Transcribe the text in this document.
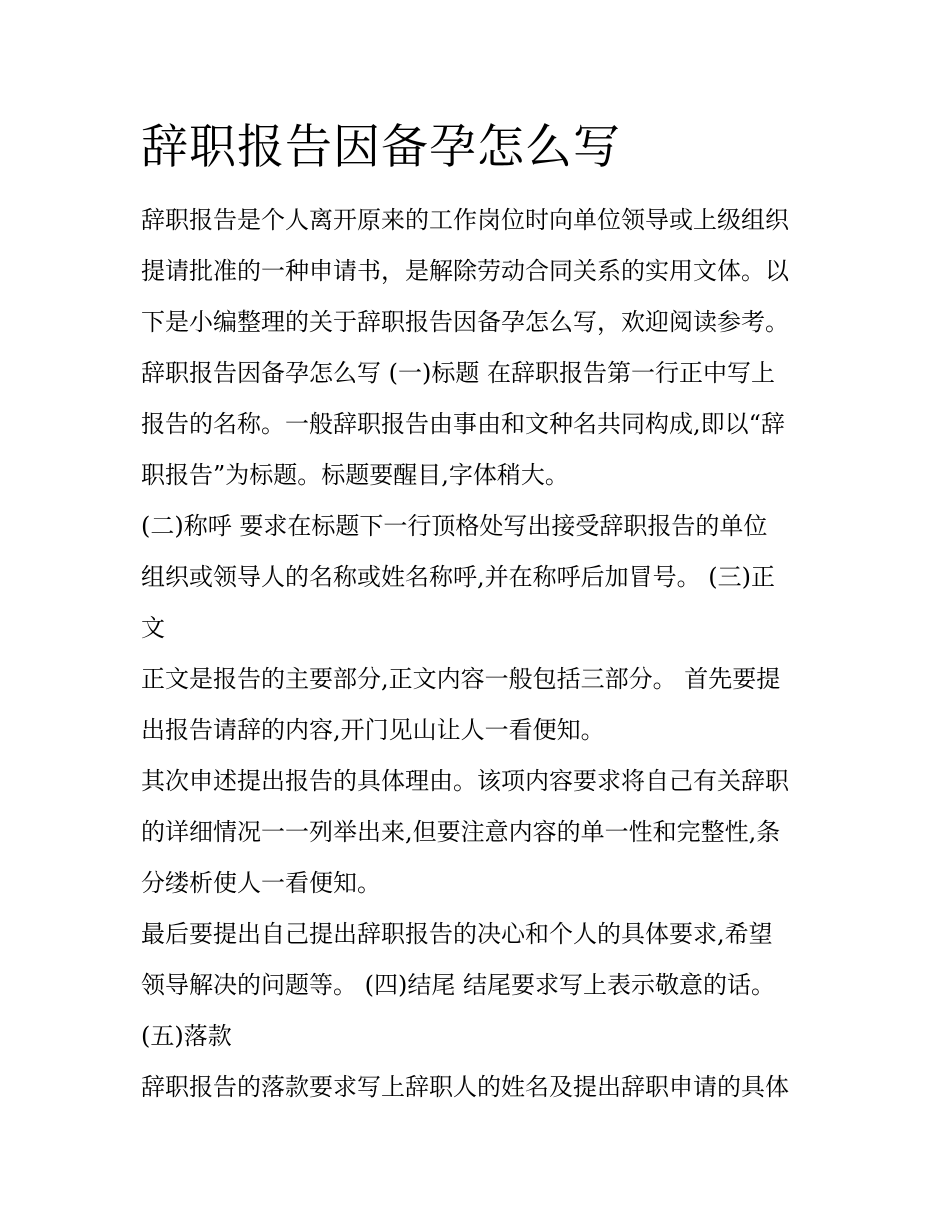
辞职报告因备孕怎么写

辞职报告是个人离开原来的工作岗位时向单位领导或上级组织

提请批准的一种申请书，是解除劳动合同关系的实用文体。以

下是小编整理的关于辞职报告因备孕怎么写，欢迎阅读参考。

辞职报告因备孕怎么写 (一)标题 在辞职报告第一行正中写上

报告的名称。一般辞职报告由事由和文种名共同构成,即以“辞

职报告”为标题。标题要醒目,字体稍大。

(二)称呼 要求在标题下一行顶格处写出接受辞职报告的单位

组织或领导人的名称或姓名称呼,并在称呼后加冒号。 (三)正

文

正文是报告的主要部分,正文内容一般包括三部分。 首先要提

出报告请辞的内容,开门见山让人一看便知。

其次申述提出报告的具体理由。该项内容要求将自己有关辞职

的详细情况一一列举出来,但要注意内容的单一性和完整性,条

分缕析使人一看便知。

最后要提出自己提出辞职报告的决心和个人的具体要求,希望

领导解决的问题等。 (四)结尾 结尾要求写上表示敬意的话。

(五)落款

辞职报告的落款要求写上辞职人的姓名及提出辞职申请的具体
